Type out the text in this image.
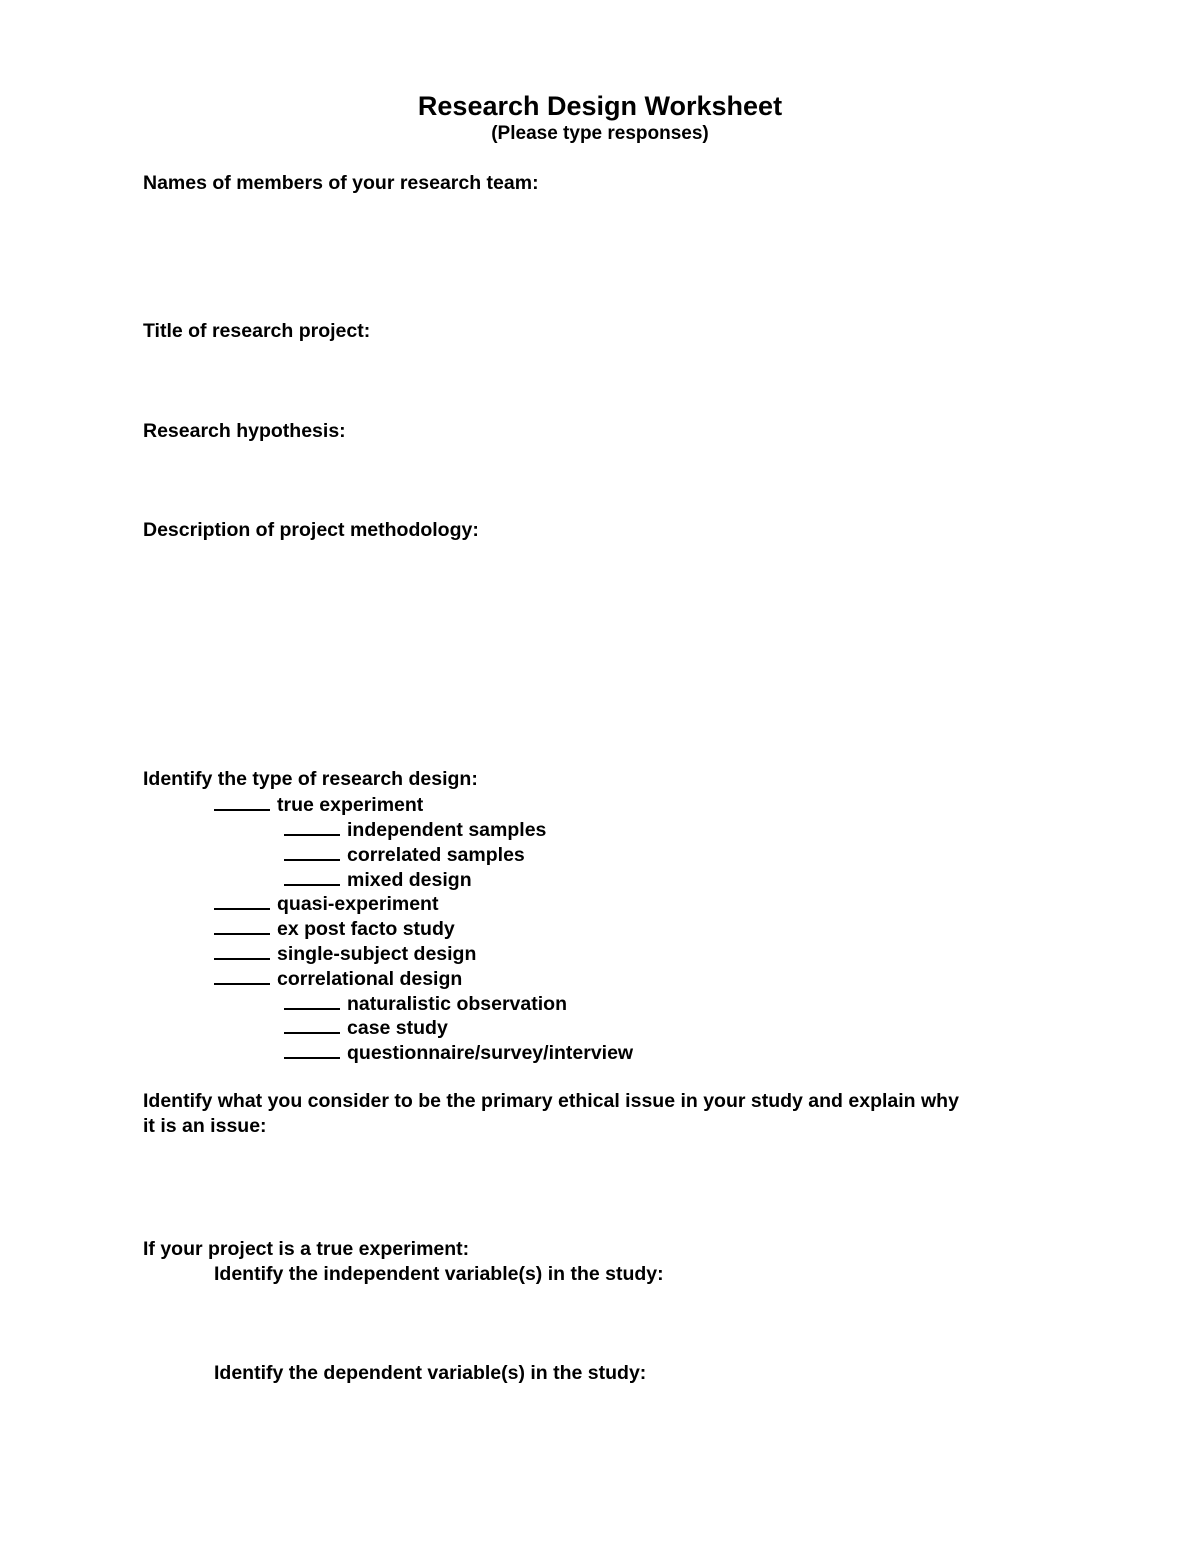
Research Design Worksheet
(Please type responses)
Names of members of your research team:
Title of research project:
Research hypothesis:
Description of project methodology:
Identify the type of research design:
true experiment
independent samples
correlated samples
mixed design
quasi-experiment
ex post facto study
single-subject design
correlational design
naturalistic observation
case study
questionnaire/survey/interview
Identify what you consider to be the primary ethical issue in your study and explain why
it is an issue:
If your project is a true experiment:
Identify the independent variable(s) in the study:
Identify the dependent variable(s) in the study:
